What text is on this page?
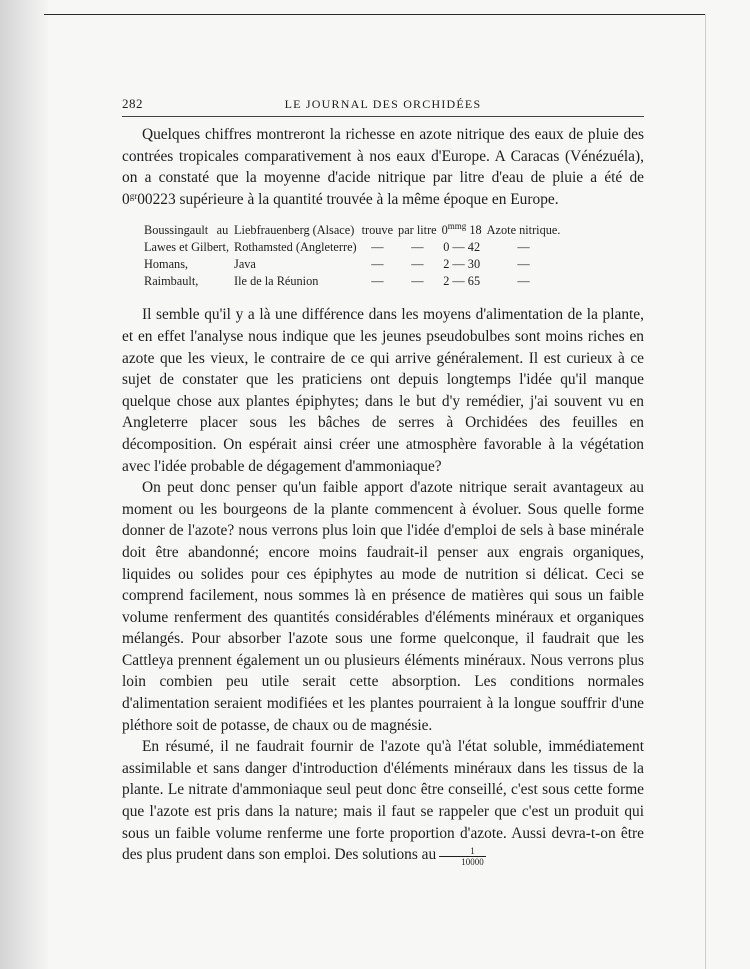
282	LE JOURNAL DES ORCHIDÉES

Quelques chiffres montreront la richesse en azote nitrique des eaux de pluie des contrées tropicales comparativement à nos eaux d'Europe. A Caracas (Vénézuéla), on a constaté que la moyenne d'acide nitrique par litre d'eau de pluie a été de $0^{gr}00223$ supérieure à la quantité trouvée à la même époque en Europe.

Boussingault	au	Liebfrauenberg (Alsace)	trouve	par litre	$0^{mmg}$ 18	Azote nitrique.
Lawes et Gilbert,		Rothamsted (Angleterre)	—	—	0 — 42	—
Homans,		Java	—	—	2 — 30	—
Raimbault,		Ile de la Réunion	—	—	2 — 65	—

Il semble qu'il y a là une différence dans les moyens d'alimentation de la plante, et en effet l'analyse nous indique que les jeunes pseudobulbes sont moins riches en azote que les vieux, le contraire de ce qui arrive généralement. Il est curieux à ce sujet de constater que les praticiens ont depuis longtemps l'idée qu'il manque quelque chose aux plantes épiphytes; dans le but d'y remédier, j'ai souvent vu en Angleterre placer sous les bâches de serres à Orchidées des feuilles en décomposition. On espérait ainsi créer une atmosphère favorable à la végétation avec l'idée probable de dégagement d'ammoniaque?

On peut donc penser qu'un faible apport d'azote nitrique serait avantageux au moment ou les bourgeons de la plante commencent à évoluer. Sous quelle forme donner de l'azote? nous verrons plus loin que l'idée d'emploi de sels à base minérale doit être abandonné; encore moins faudrait-il penser aux engrais organiques, liquides ou solides pour ces épiphytes au mode de nutrition si délicat. Ceci se comprend facilement, nous sommes là en présence de matières qui sous un faible volume renferment des quantités considérables d'éléments minéraux et organiques mélangés. Pour absorber l'azote sous une forme quelconque, il faudrait que les Cattleya prennent également un ou plusieurs éléments minéraux. Nous verrons plus loin combien peu utile serait cette absorption. Les conditions normales d'alimentation seraient modifiées et les plantes pourraient à la longue souffrir d'une pléthore soit de potasse, de chaux ou de magnésie.

En résumé, il ne faudrait fournir de l'azote qu'à l'état soluble, immédiatement assimilable et sans danger d'introduction d'éléments minéraux dans les tissus de la plante. Le nitrate d'ammoniaque seul peut donc être conseillé, c'est sous cette forme que l'azote est pris dans la nature; mais il faut se rappeler que c'est un produit qui sous un faible volume renferme une forte proportion d'azote. Aussi devra-t-on être des plus prudent dans son emploi. Des solutions au $\frac{1}{10000}$
